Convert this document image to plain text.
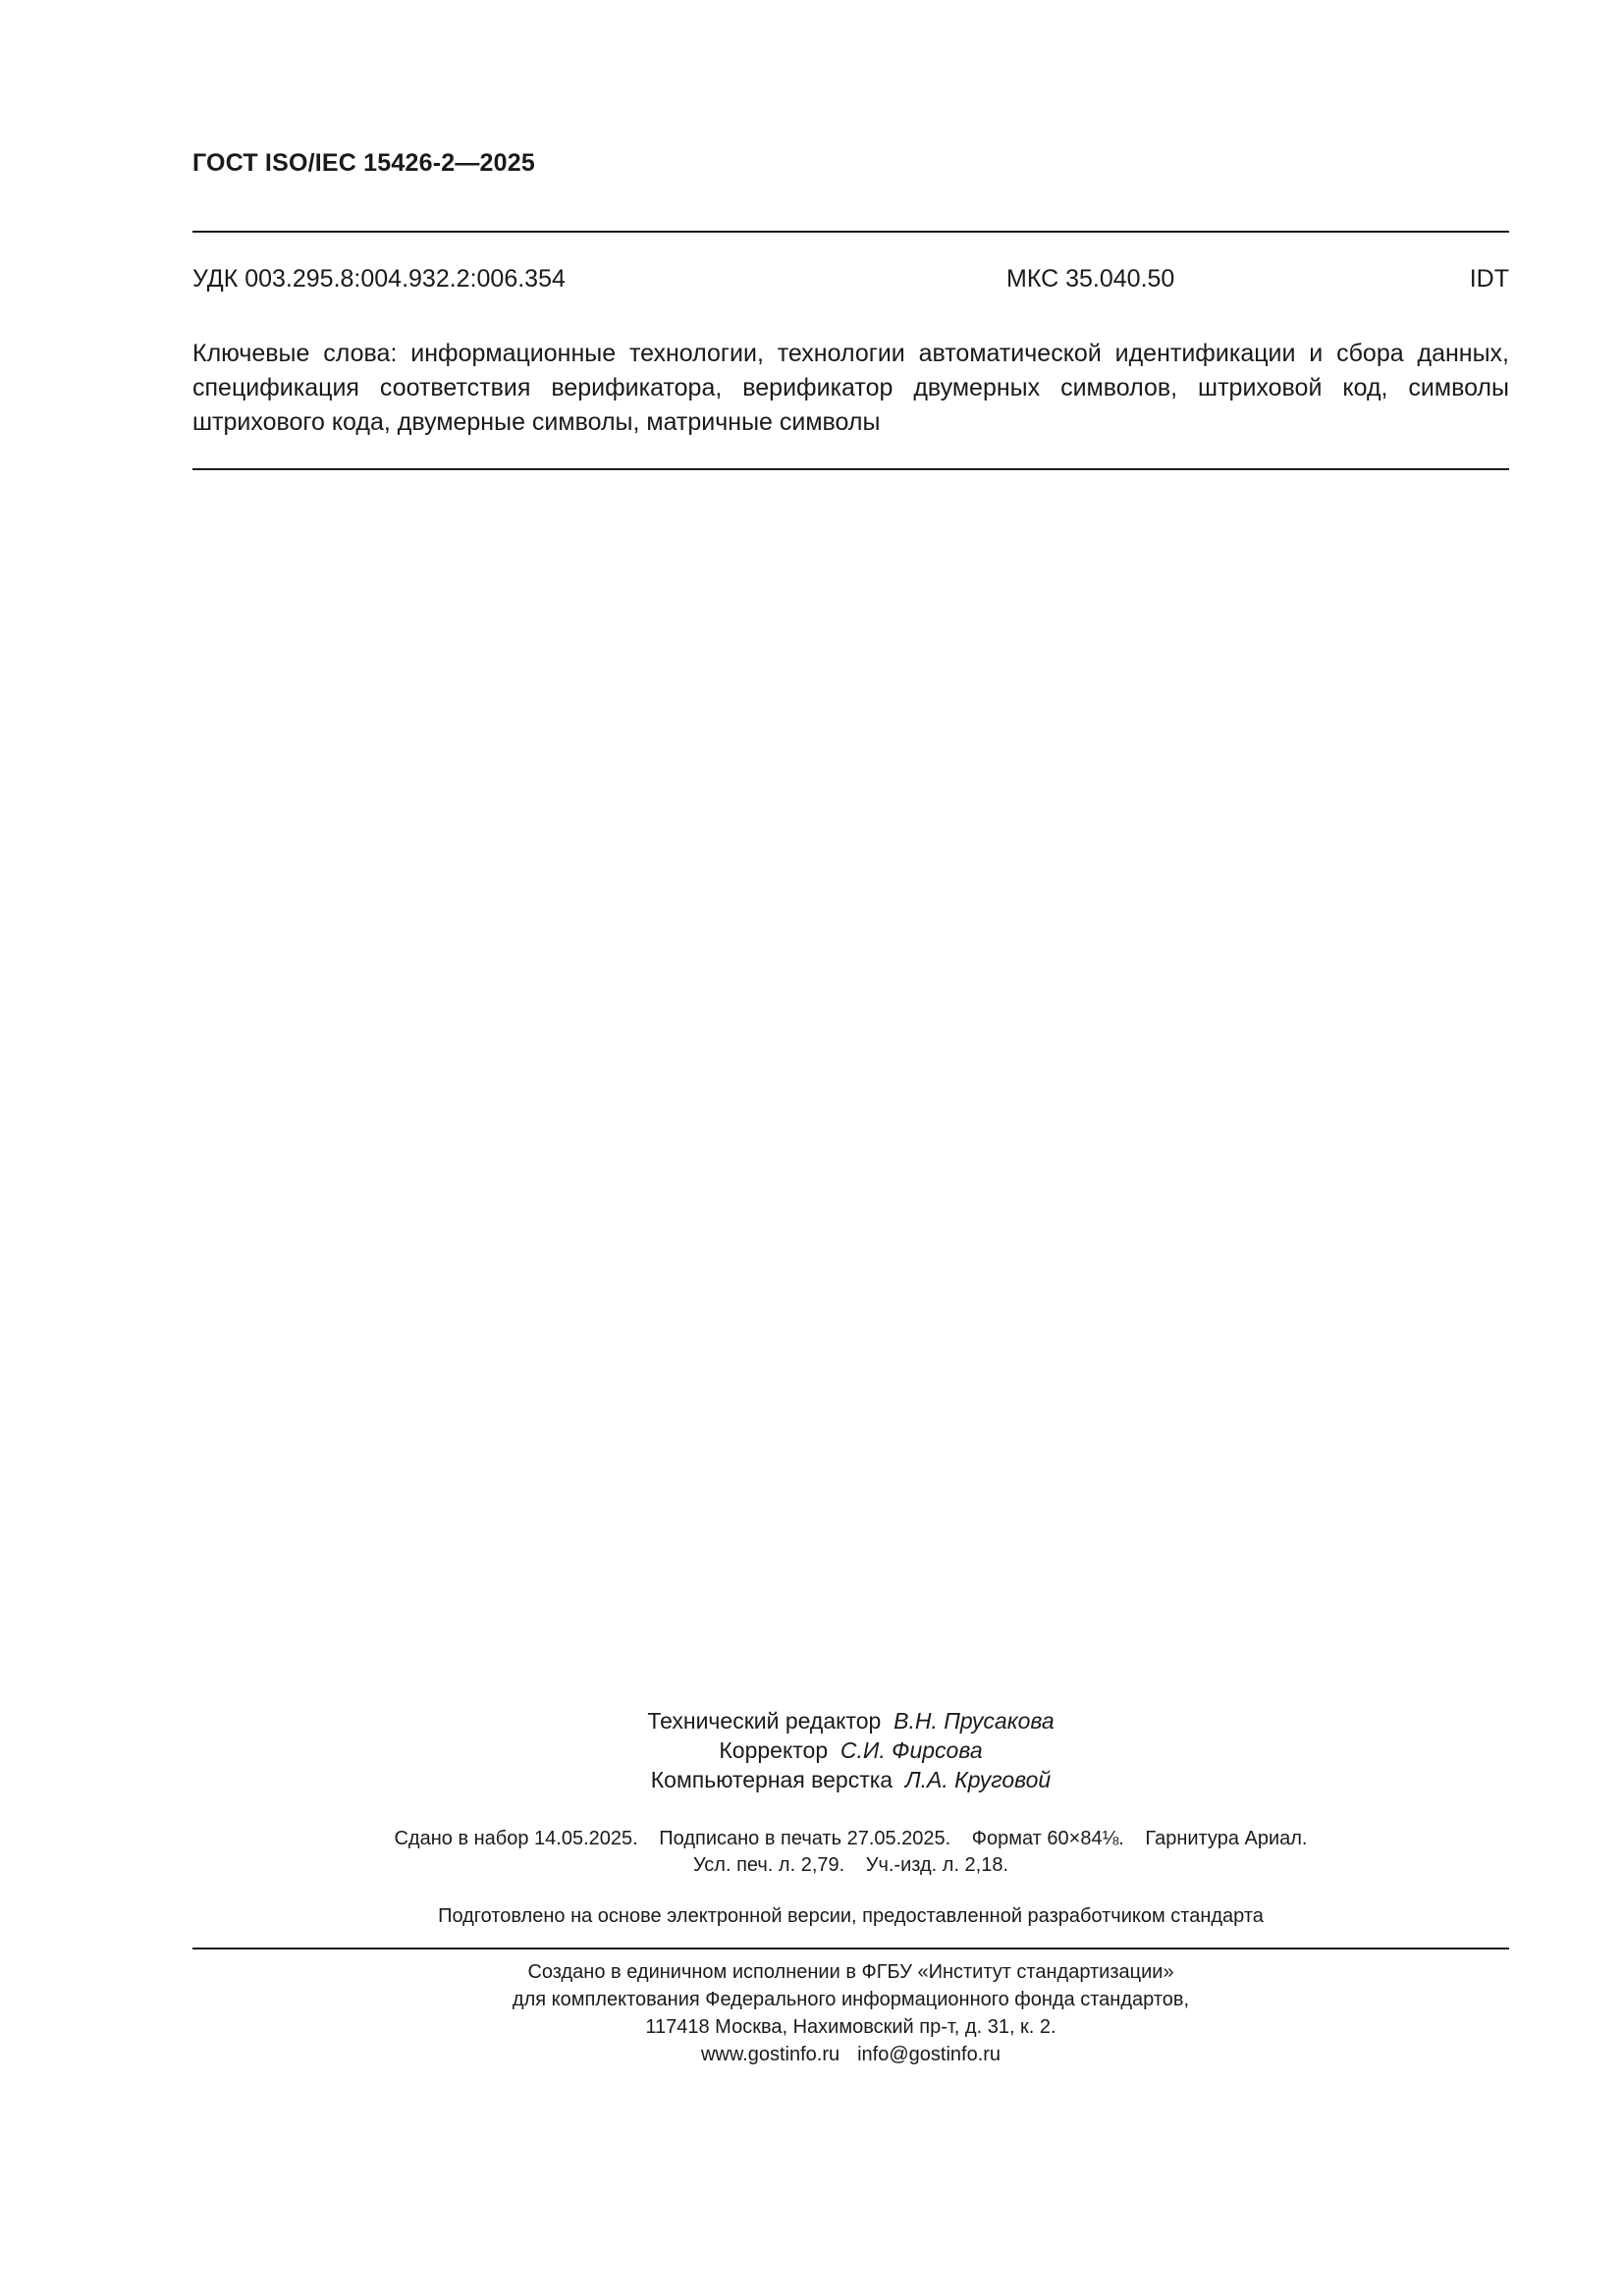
ГОСТ ISO/IEC 15426-2—2025
УДК 003.295.8:004.932.2:006.354	МКС 35.040.50	IDT

Ключевые слова: информационные технологии, технологии автоматической идентификации и сбора данных, спецификация соответствия верификатора, верификатор двумерных символов, штриховой код, символы штрихового кода, двумерные символы, матричные символы

Технический редактор В.Н. Прусакова
Корректор С.И. Фирсова
Компьютерная верстка Л.А. Круговой
Сдано в набор 14.05.2025. Подписано в печать 27.05.2025. Формат 60×84⅛. Гарнитура Ариал.
Усл. печ. л. 2,79. Уч.-изд. л. 2,18.
Подготовлено на основе электронной версии, предоставленной разработчиком стандарта
Создано в единичном исполнении в ФГБУ «Институт стандартизации»
для комплектования Федерального информационного фонда стандартов,
117418 Москва, Нахимовский пр-т, д. 31, к. 2.
www.gostinfo.ru info@gostinfo.ru
